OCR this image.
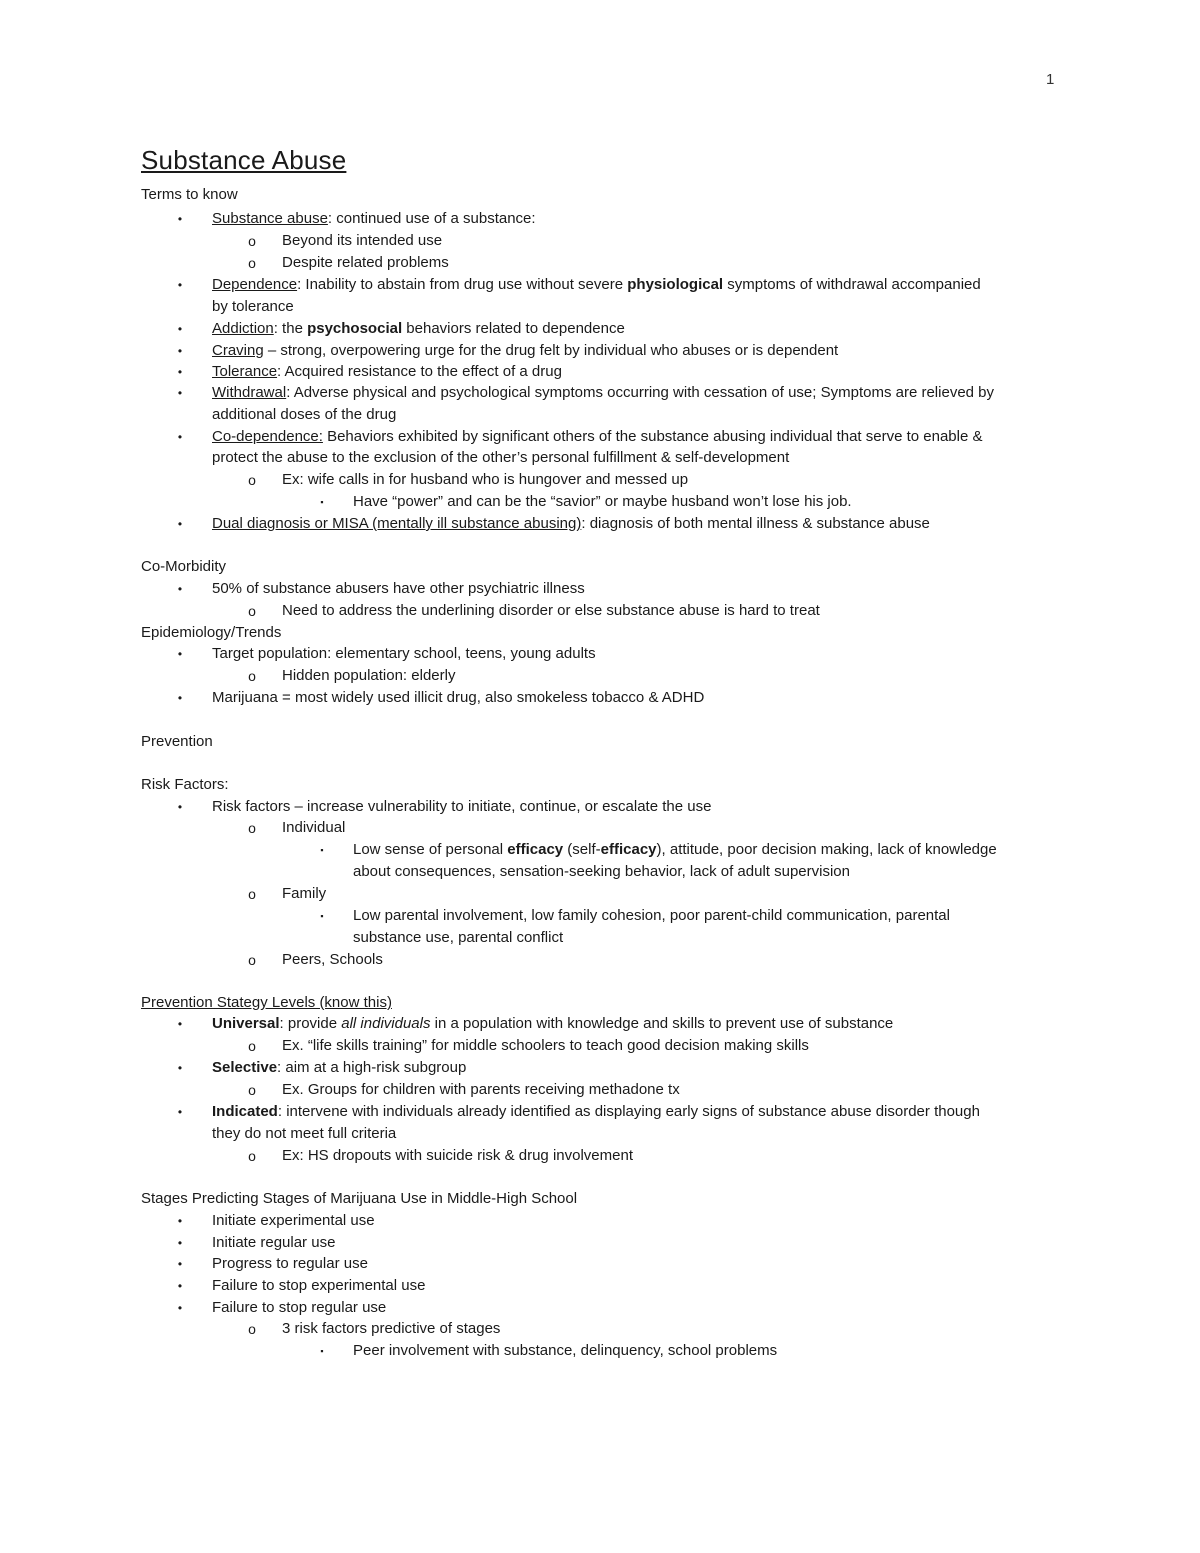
1
Substance Abuse
Terms to know
•	Substance abuse: continued use of a substance:
o Beyond its intended use
o Despite related problems
•	Dependence: Inability to abstain from drug use without severe physiological symptoms of withdrawal accompanied
by tolerance
•	Addiction: the psychosocial behaviors related to dependence
•	Craving – strong, overpowering urge for the drug felt by individual who abuses or is dependent
•	Tolerance: Acquired resistance to the effect of a drug
•	Withdrawal: Adverse physical and psychological symptoms occurring with cessation of use; Symptoms are relieved by
additional doses of the drug
•	Co-dependence: Behaviors exhibited by significant others of the substance abusing individual that serve to enable &
protect the abuse to the exclusion of the other’s personal fulfillment & self-development
o Ex: wife calls in for husband who is hungover and messed up
▪	Have “power” and can be the “savior” or maybe husband won’t lose his job.
•	Dual diagnosis or MISA (mentally ill substance abusing): diagnosis of both mental illness & substance abuse
Co-Morbidity
•	50% of substance abusers have other psychiatric illness
o Need to address the underlining disorder or else substance abuse is hard to treat
Epidemiology/Trends
•	Target population: elementary school, teens, young adults
o Hidden population: elderly
•	Marijuana = most widely used illicit drug, also smokeless tobacco & ADHD
Prevention
Risk Factors:
•	Risk factors – increase vulnerability to initiate, continue, or escalate the use
o Individual
▪	Low sense of personal efficacy (self-efficacy), attitude, poor decision making, lack of knowledge
about consequences, sensation-seeking behavior, lack of adult supervision
o Family
▪	Low parental involvement, low family cohesion, poor parent-child communication, parental
substance use, parental conflict
o Peers, Schools
Prevention Stategy Levels (know this)
•	Universal: provide all individuals in a population with knowledge and skills to prevent use of substance
o Ex. “life skills training” for middle schoolers to teach good decision making skills
•	Selective: aim at a high-risk subgroup
o Ex. Groups for children with parents receiving methadone tx
•	Indicated: intervene with individuals already identified as displaying early signs of substance abuse disorder though
they do not meet full criteria
o Ex: HS dropouts with suicide risk & drug involvement
Stages Predicting Stages of Marijuana Use in Middle-High School
•	Initiate experimental use
•	Initiate regular use
•	Progress to regular use
•	Failure to stop experimental use
•	Failure to stop regular use
o 3 risk factors predictive of stages
▪	Peer involvement with substance, delinquency, school problems
